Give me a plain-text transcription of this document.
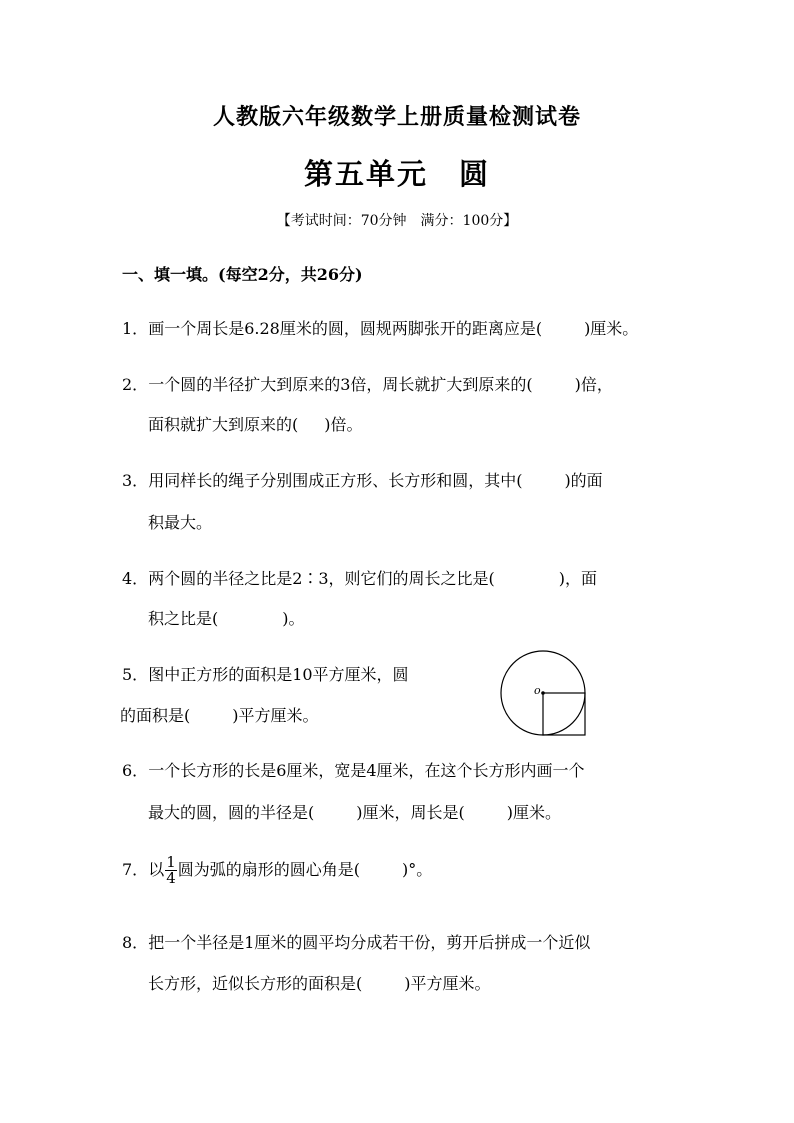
人教版六年级数学上册质量检测试卷
第五单元　圆
【考试时间：70分钟　满分：100分】
一、填一填。(每空2分，共26分)
1．画一个周长是6.28厘米的圆，圆规两脚张开的距离应是(	)厘米。
2．一个圆的半径扩大到原来的3倍，周长就扩大到原来的(	)倍，
面积就扩大到原来的( )倍。
3．用同样长的绳子分别围成正方形、长方形和圆，其中(	)的面
积最大。
4．两个圆的半径之比是2∶3，则它们的周长之比是(	)，面
积之比是(	)。
5．图中正方形的面积是10平方厘米，圆
的面积是(	)平方厘米。
o
6．一个长方形的长是6厘米，宽是4厘米，在这个长方形内画一个
最大的圆，圆的半径是(	)厘米，周长是(	)厘米。
7．以 $\frac{1}{4}$ 圆为弧的扇形的圆心角是(	)°。
8．把一个半径是1厘米的圆平均分成若干份，剪开后拼成一个近似
长方形，近似长方形的面积是(	)平方厘米。
